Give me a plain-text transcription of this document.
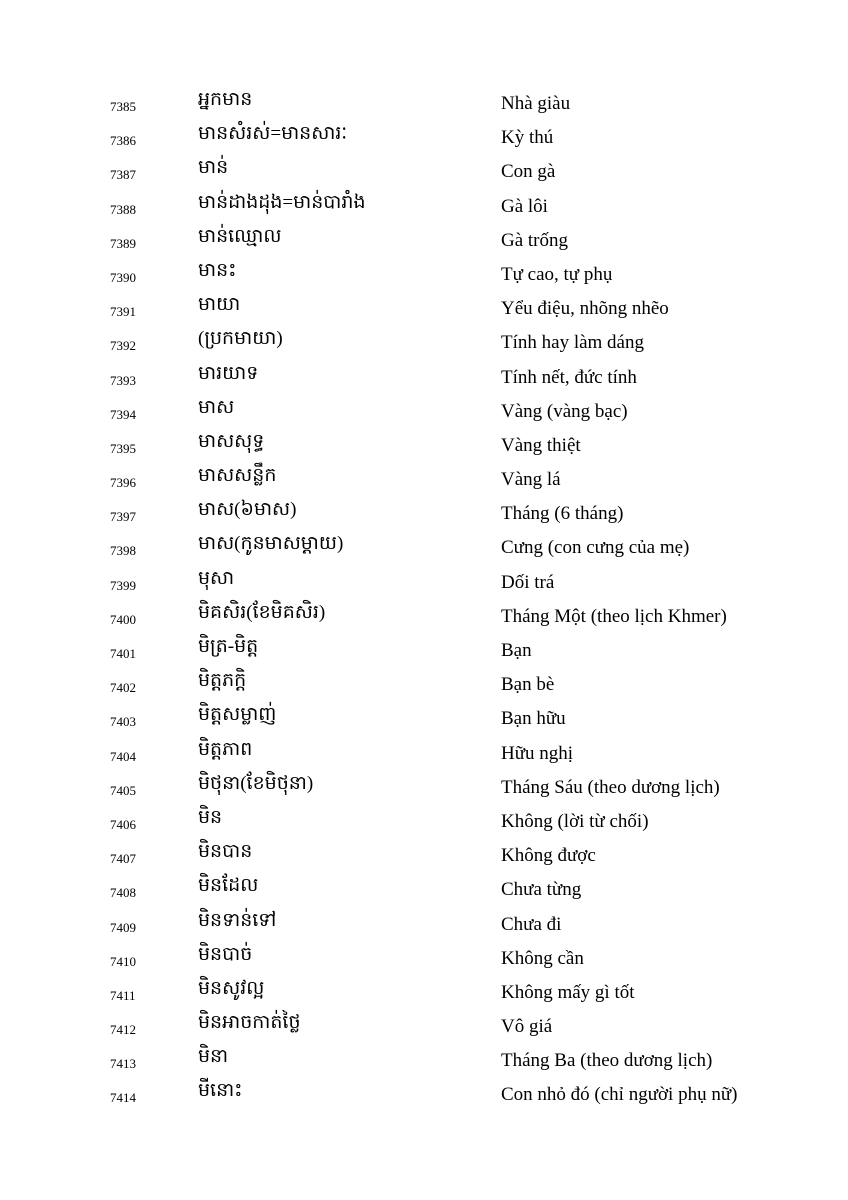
7385	អ្នកមាន	Nhà giàu
7386	មានសំរស់=មានសារៈ	Kỳ thú
7387	មាន់	Con gà
7388	មាន់ដាងដុង=មាន់បារាំង	Gà lôi
7389	មាន់ឈ្មោល	Gà trống
7390	មានះ	Tự cao, tự phụ
7391	មាយា	Yểu điệu, nhõng nhẽo
7392	(ប្រកមាយា)	Tính hay làm dáng
7393	មារយាទ	Tính nết, đức tính
7394	មាស	Vàng (vàng bạc)
7395	មាសសុទ្ធ	Vàng thiệt
7396	មាសសន្លឹក	Vàng lá
7397	មាស(៦មាស)	Tháng (6 tháng)
7398	មាស(កូនមាសម្តាយ)	Cưng (con cưng của mẹ)
7399	មុសា	Dối trá
7400	មិគសិរ(ខែមិគសិរ)	Tháng Một (theo lịch Khmer)
7401	មិត្រ-មិត្ត	Bạn
7402	មិត្តភក្តិ	Bạn bè
7403	មិត្តសម្លាញ់	Bạn hữu
7404	មិត្តភាព	Hữu nghị
7405	មិថុនា(ខែមិថុនា)	Tháng Sáu (theo dương lịch)
7406	មិន	Không (lời từ chối)
7407	មិនបាន	Không được
7408	មិនដែល	Chưa từng
7409	មិនទាន់ទៅ	Chưa đi
7410	មិនបាច់	Không cần
7411	មិនសូវល្អ	Không mấy gì tốt
7412	មិនអាចកាត់ថ្លៃ	Vô giá
7413	មិនា	Tháng Ba (theo dương lịch)
7414	មីនោះ	Con nhỏ đó (chỉ người phụ nữ)
